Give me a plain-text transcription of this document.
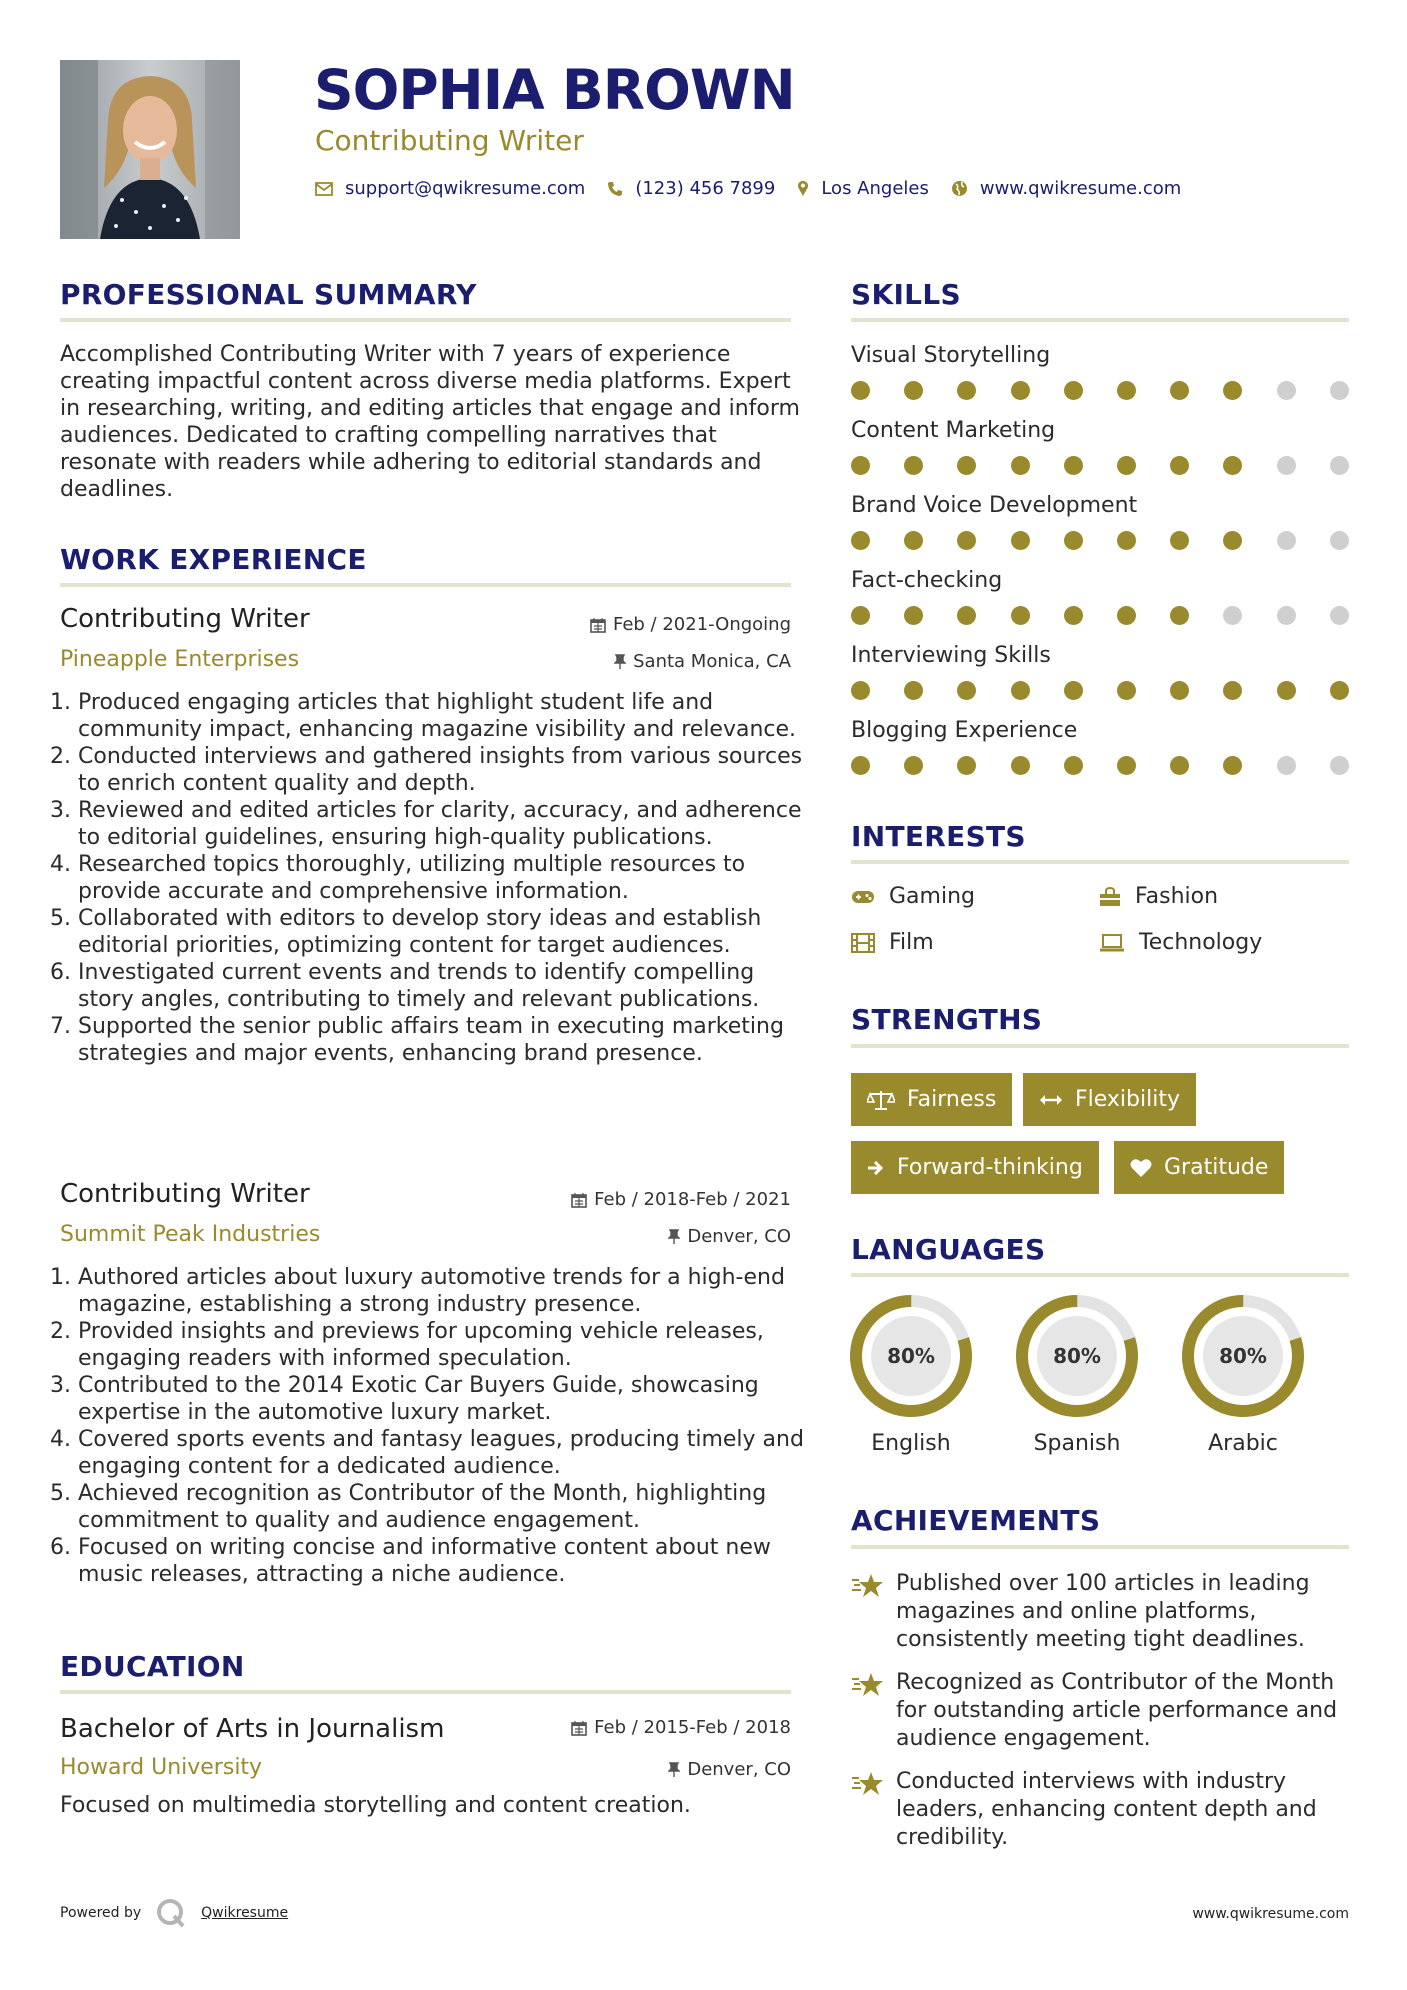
SOPHIA BROWN
Contributing Writer
support@qwikresume.com	(123) 456 7899	Los Angeles	www.qwikresume.com
PROFESSIONAL SUMMARY
Accomplished Contributing Writer with 7 years of experience creating impactful content across diverse media platforms. Expert in researching, writing, and editing articles that engage and inform audiences. Dedicated to crafting compelling narratives that resonate with readers while adhering to editorial standards and deadlines.
WORK EXPERIENCE
Contributing Writer	Feb / 2021-Ongoing
Pineapple Enterprises	Santa Monica, CA
1. Produced engaging articles that highlight student life and community impact, enhancing magazine visibility and relevance.
2. Conducted interviews and gathered insights from various sources to enrich content quality and depth.
3. Reviewed and edited articles for clarity, accuracy, and adherence to editorial guidelines, ensuring high-quality publications.
4. Researched topics thoroughly, utilizing multiple resources to provide accurate and comprehensive information.
5. Collaborated with editors to develop story ideas and establish editorial priorities, optimizing content for target audiences.
6. Investigated current events and trends to identify compelling story angles, contributing to timely and relevant publications.
7. Supported the senior public affairs team in executing marketing strategies and major events, enhancing brand presence.
Contributing Writer	Feb / 2018-Feb / 2021
Summit Peak Industries	Denver, CO
1. Authored articles about luxury automotive trends for a high-end magazine, establishing a strong industry presence.
2. Provided insights and previews for upcoming vehicle releases, engaging readers with informed speculation.
3. Contributed to the 2014 Exotic Car Buyers Guide, showcasing expertise in the automotive luxury market.
4. Covered sports events and fantasy leagues, producing timely and engaging content for a dedicated audience.
5. Achieved recognition as Contributor of the Month, highlighting commitment to quality and audience engagement.
6. Focused on writing concise and informative content about new music releases, attracting a niche audience.
EDUCATION
Bachelor of Arts in Journalism	Feb / 2015-Feb / 2018
Howard University	Denver, CO
Focused on multimedia storytelling and content creation.
SKILLS
Visual Storytelling
Content Marketing
Brand Voice Development
Fact-checking
Interviewing Skills
Blogging Experience
INTERESTS
Gaming	Fashion
Film	Technology
STRENGTHS
Fairness	Flexibility
Forward-thinking	Gratitude
LANGUAGES
80%
English
80%
Spanish
80%
Arabic
ACHIEVEMENTS
Published over 100 articles in leading magazines and online platforms, consistently meeting tight deadlines.
Recognized as Contributor of the Month for outstanding article performance and audience engagement.
Conducted interviews with industry leaders, enhancing content depth and credibility.
Powered by	Qwikresume	www.qwikresume.com
